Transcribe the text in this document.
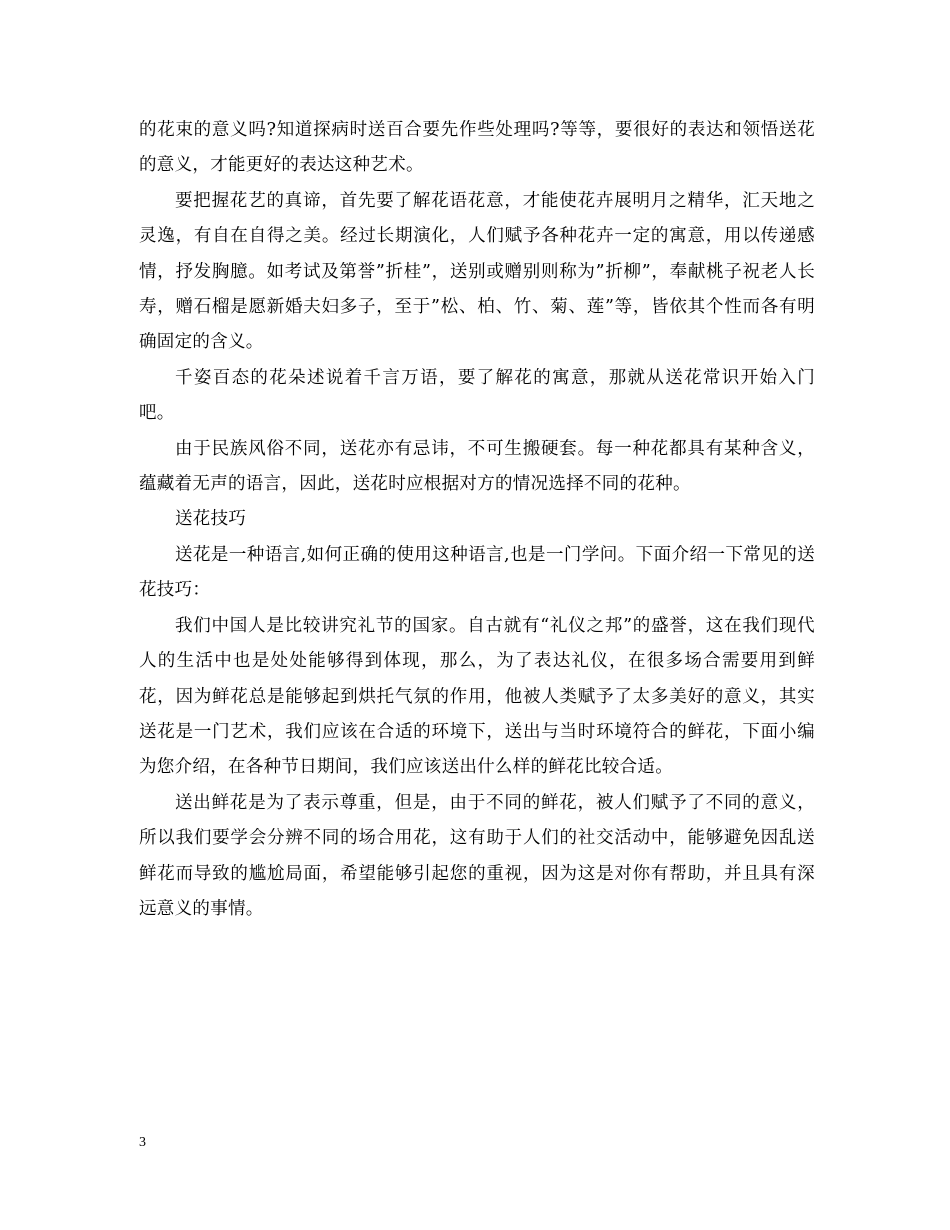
的花束的意义吗?知道探病时送百合要先作些处理吗?等等，要很好的表达和领悟送花的意义，才能更好的表达这种艺术。

要把握花艺的真谛，首先要了解花语花意，才能使花卉展明月之精华，汇天地之灵逸，有自在自得之美。经过长期演化，人们赋予各种花卉一定的寓意，用以传递感情，抒发胸臆。如考试及第誉”折桂”，送别或赠别则称为”折柳”，奉献桃子祝老人长寿，赠石榴是愿新婚夫妇多子，至于”松、柏、竹、菊、莲”等，皆依其个性而各有明确固定的含义。

千姿百态的花朵述说着千言万语，要了解花的寓意，那就从送花常识开始入门吧。

由于民族风俗不同，送花亦有忌讳，不可生搬硬套。每一种花都具有某种含义，蕴藏着无声的语言，因此，送花时应根据对方的情况选择不同的花种。

送花技巧

送花是一种语言,如何正确的使用这种语言,也是一门学问。下面介绍一下常见的送花技巧：

我们中国人是比较讲究礼节的国家。自古就有“礼仪之邦”的盛誉，这在我们现代人的生活中也是处处能够得到体现，那么，为了表达礼仪，在很多场合需要用到鲜花，因为鲜花总是能够起到烘托气氛的作用，他被人类赋予了太多美好的意义，其实送花是一门艺术，我们应该在合适的环境下，送出与当时环境符合的鲜花，下面小编为您介绍，在各种节日期间，我们应该送出什么样的鲜花比较合适。

送出鲜花是为了表示尊重，但是，由于不同的鲜花，被人们赋予了不同的意义，所以我们要学会分辨不同的场合用花，这有助于人们的社交活动中，能够避免因乱送鲜花而导致的尴尬局面，希望能够引起您的重视，因为这是对你有帮助，并且具有深远意义的事情。

3
